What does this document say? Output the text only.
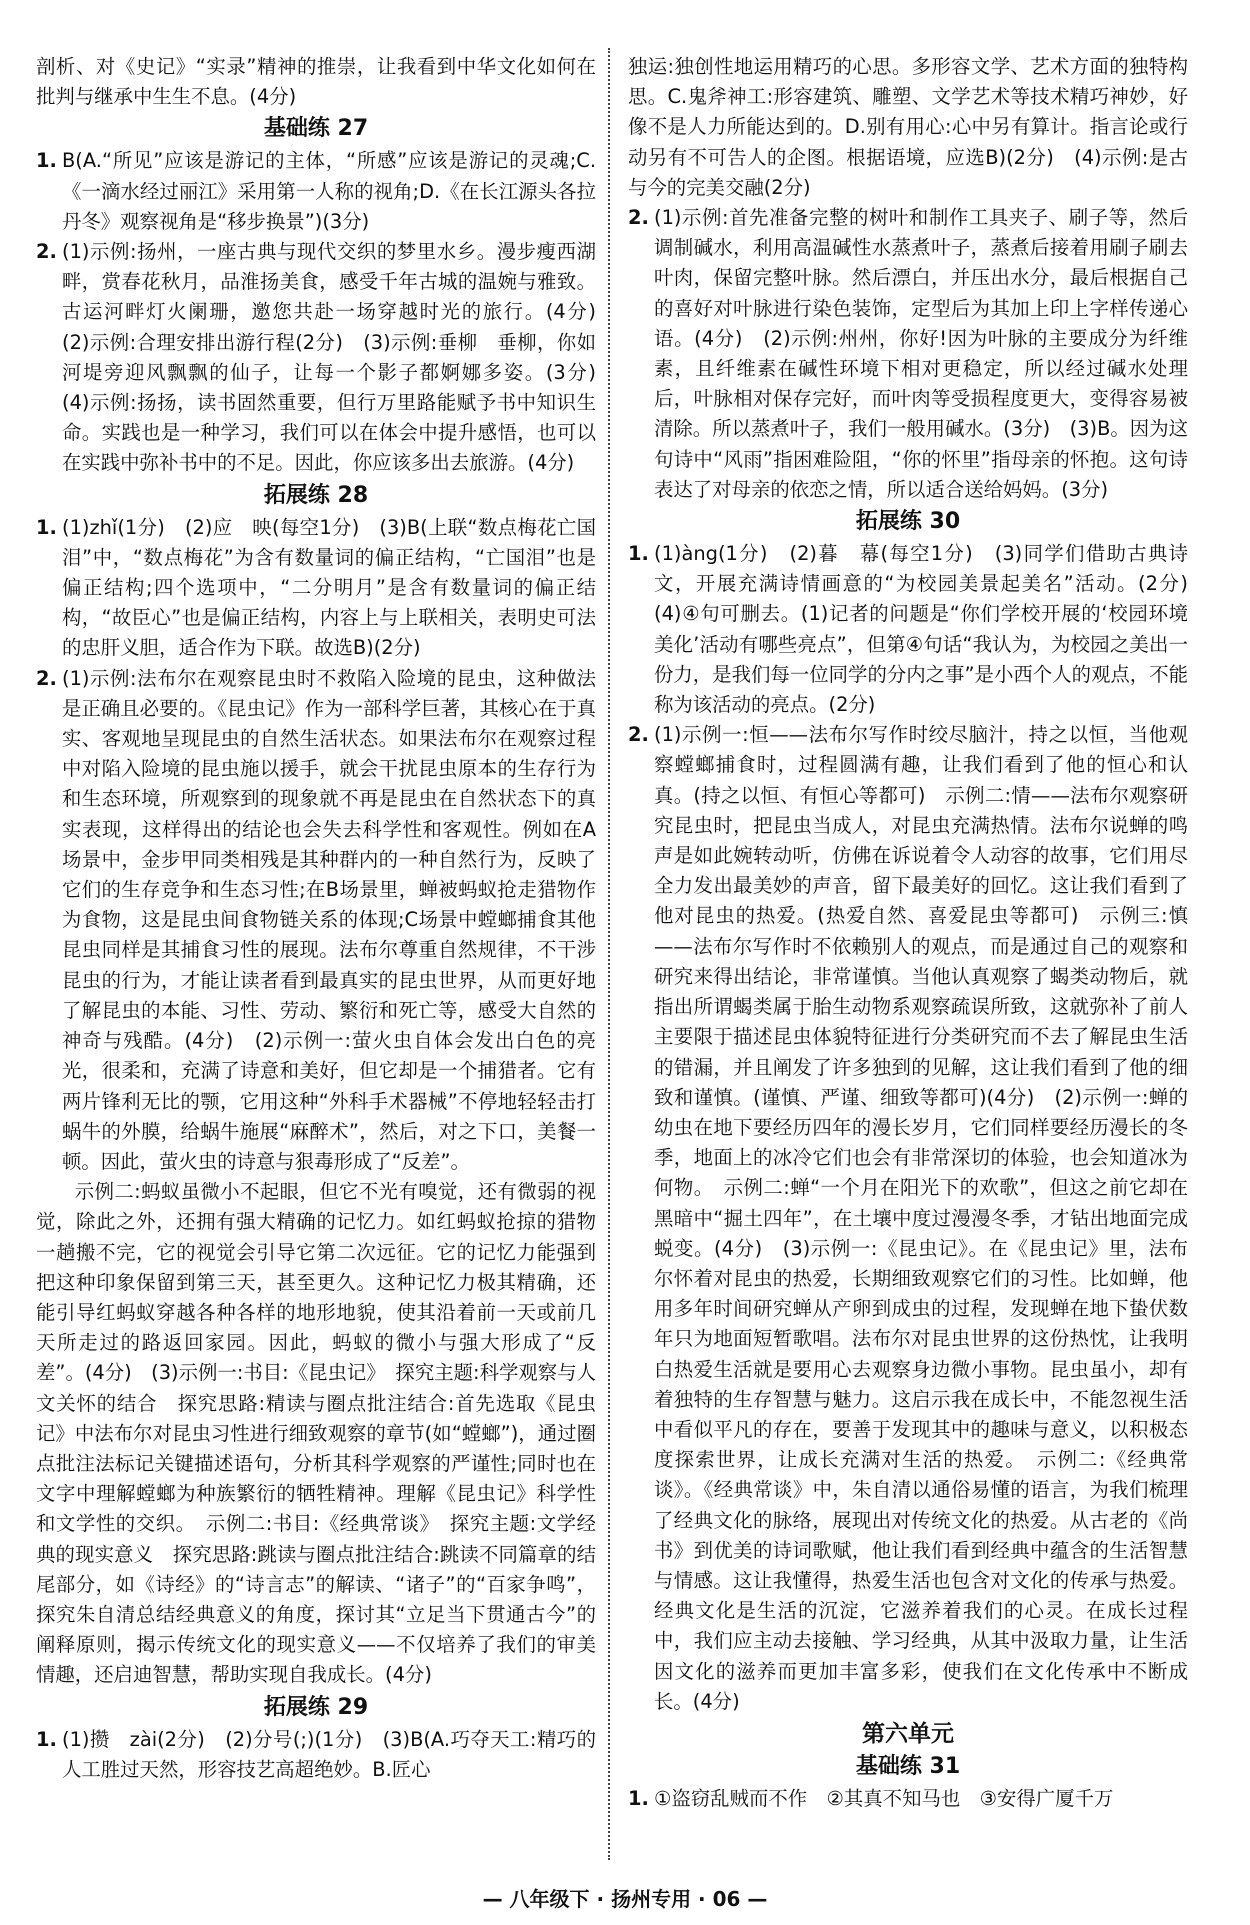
剖析、对《史记》“实录”精神的推崇，让我看到中华文化如何在批判与继承中生生不息。(4分)

基础练 27
1. B(A.“所见”应该是游记的主体，“所感”应该是游记的灵魂;C.《一滴水经过丽江》采用第一人称的视角;D.《在长江源头各拉丹冬》观察视角是“移步换景”)(3分)
2. (1)示例:扬州，一座古典与现代交织的梦里水乡。漫步瘦西湖畔，赏春花秋月，品淮扬美食，感受千年古城的温婉与雅致。古运河畔灯火阑珊，邀您共赴一场穿越时光的旅行。(4分)　(2)示例:合理安排出游行程(2分)　(3)示例:垂柳　垂柳，你如河堤旁迎风飘飘的仙子，让每一个影子都婀娜多姿。(3分)　(4)示例:扬扬，读书固然重要，但行万里路能赋予书中知识生命。实践也是一种学习，我们可以在体会中提升感悟，也可以在实践中弥补书中的不足。因此，你应该多出去旅游。(4分)
拓展练 28
1. (1)zhǐ(1分)　(2)应　映(每空1分)　(3)B(上联“数点梅花亡国泪”中，“数点梅花”为含有数量词的偏正结构，“亡国泪”也是偏正结构;四个选项中，“二分明月”是含有数量词的偏正结构，“故臣心”也是偏正结构，内容上与上联相关，表明史可法的忠肝义胆，适合作为下联。故选B)(2分)
2. (1)示例:法布尔在观察昆虫时不救陷入险境的昆虫，这种做法是正确且必要的。《昆虫记》作为一部科学巨著，其核心在于真实、客观地呈现昆虫的自然生活状态。如果法布尔在观察过程中对陷入险境的昆虫施以援手，就会干扰昆虫原本的生存行为和生态环境，所观察到的现象就不再是昆虫在自然状态下的真实表现，这样得出的结论也会失去科学性和客观性。例如在A场景中，金步甲同类相残是其种群内的一种自然行为，反映了它们的生存竞争和生态习性;在B场景里，蝉被蚂蚁抢走猎物作为食物，这是昆虫间食物链关系的体现;C场景中螳螂捕食其他昆虫同样是其捕食习性的展现。法布尔尊重自然规律，不干涉昆虫的行为，才能让读者看到最真实的昆虫世界，从而更好地了解昆虫的本能、习性、劳动、繁衍和死亡等，感受大自然的神奇与残酷。(4分)　(2)示例一:萤火虫自体会发出白色的亮光，很柔和，充满了诗意和美好，但它却是一个捕猎者。它有两片锋利无比的颚，它用这种“外科手术器械”不停地轻轻击打蜗牛的外膜，给蜗牛施展“麻醉术”，然后，对之下口，美餐一顿。因此，萤火虫的诗意与狠毒形成了“反差”。

示例二:蚂蚁虽微小不起眼，但它不光有嗅觉，还有微弱的视觉，除此之外，还拥有强大精确的记忆力。如红蚂蚁抢掠的猎物一趟搬不完，它的视觉会引导它第二次远征。它的记忆力能强到把这种印象保留到第三天，甚至更久。这种记忆力极其精确，还能引导红蚂蚁穿越各种各样的地形地貌，使其沿着前一天或前几天所走过的路返回家园。因此，蚂蚁的微小与强大形成了“反差”。(4分)　(3)示例一:书目:《昆虫记》　探究主题:科学观察与人文关怀的结合　探究思路:精读与圈点批注结合:首先选取《昆虫记》中法布尔对昆虫习性进行细致观察的章节(如“螳螂”)，通过圈点批注法标记关键描述语句，分析其科学观察的严谨性;同时也在文字中理解螳螂为种族繁衍的牺牲精神。理解《昆虫记》科学性和文学性的交织。　示例二:书目:《经典常谈》　探究主题:文学经典的现实意义　探究思路:跳读与圈点批注结合:跳读不同篇章的结尾部分，如《诗经》的“诗言志”的解读、“诸子”的“百家争鸣”，探究朱自清总结经典意义的角度，探讨其“立足当下贯通古今”的阐释原则，揭示传统文化的现实意义——不仅培养了我们的审美情趣，还启迪智慧，帮助实现自我成长。(4分)

拓展练 29
1. (1)攒　zài(2分)　(2)分号(;)(1分)　(3)B(A.巧夺天工:精巧的人工胜过天然，形容技艺高超绝妙。B.匠心

独运:独创性地运用精巧的心思。多形容文学、艺术方面的独特构思。C.鬼斧神工:形容建筑、雕塑、文学艺术等技术精巧神妙，好像不是人力所能达到的。D.别有用心:心中另有算计。指言论或行动另有不可告人的企图。根据语境，应选B)(2分)　(4)示例:是古与今的完美交融(2分)

2. (1)示例:首先准备完整的树叶和制作工具夹子、刷子等，然后调制碱水，利用高温碱性水蒸煮叶子，蒸煮后接着用刷子刷去叶肉，保留完整叶脉。然后漂白，并压出水分，最后根据自己的喜好对叶脉进行染色装饰，定型后为其加上印上字样传递心语。(4分)　(2)示例:州州，你好!因为叶脉的主要成分为纤维素，且纤维素在碱性环境下相对更稳定，所以经过碱水处理后，叶脉相对保存完好，而叶肉等受损程度更大，变得容易被清除。所以蒸煮叶子，我们一般用碱水。(3分)　(3)B。因为这句诗中“风雨”指困难险阻，“你的怀里”指母亲的怀抱。这句诗表达了对母亲的依恋之情，所以适合送给妈妈。(3分)
拓展练 30
1. (1)àng(1分)　(2)暮　幕(每空1分)　(3)同学们借助古典诗文，开展充满诗情画意的“为校园美景起美名”活动。(2分)　(4)④句可删去。(1)记者的问题是“你们学校开展的‘校园环境美化’活动有哪些亮点”，但第④句话“我认为，为校园之美出一份力，是我们每一位同学的分内之事”是小西个人的观点，不能称为该活动的亮点。(2分)
2. (1)示例一:恒——法布尔写作时绞尽脑汁，持之以恒，当他观察螳螂捕食时，过程圆满有趣，让我们看到了他的恒心和认真。(持之以恒、有恒心等都可)　示例二:情——法布尔观察研究昆虫时，把昆虫当成人，对昆虫充满热情。法布尔说蝉的鸣声是如此婉转动听，仿佛在诉说着令人动容的故事，它们用尽全力发出最美妙的声音，留下最美好的回忆。这让我们看到了他对昆虫的热爱。(热爱自然、喜爱昆虫等都可)　示例三:慎——法布尔写作时不依赖别人的观点，而是通过自己的观察和研究来得出结论，非常谨慎。当他认真观察了蝎类动物后，就指出所谓蝎类属于胎生动物系观察疏误所致，这就弥补了前人主要限于描述昆虫体貌特征进行分类研究而不去了解昆虫生活的错漏，并且阐发了许多独到的见解，这让我们看到了他的细致和谨慎。(谨慎、严谨、细致等都可)(4分)　(2)示例一:蝉的幼虫在地下要经历四年的漫长岁月，它们同样要经历漫长的冬季，地面上的冰冷它们也会有非常深切的体验，也会知道冰为何物。　示例二:蝉“一个月在阳光下的欢歌”，但这之前它却在黑暗中“掘土四年”，在土壤中度过漫漫冬季，才钻出地面完成蜕变。(4分)　(3)示例一:《昆虫记》。在《昆虫记》里，法布尔怀着对昆虫的热爱，长期细致观察它们的习性。比如蝉，他用多年时间研究蝉从产卵到成虫的过程，发现蝉在地下蛰伏数年只为地面短暂歌唱。法布尔对昆虫世界的这份热忱，让我明白热爱生活就是要用心去观察身边微小事物。昆虫虽小，却有着独特的生存智慧与魅力。这启示我在成长中，不能忽视生活中看似平凡的存在，要善于发现其中的趣味与意义，以积极态度探索世界，让成长充满对生活的热爱。　示例二:《经典常谈》。《经典常谈》中，朱自清以通俗易懂的语言，为我们梳理了经典文化的脉络，展现出对传统文化的热爱。从古老的《尚书》到优美的诗词歌赋，他让我们看到经典中蕴含的生活智慧与情感。这让我懂得，热爱生活也包含对文化的传承与热爱。经典文化是生活的沉淀，它滋养着我们的心灵。在成长过程中，我们应主动去接触、学习经典，从其中汲取力量，让生活因文化的滋养而更加丰富多彩，使我们在文化传承中不断成长。(4分)
第六单元
基础练 31
1. ①盗窃乱贼而不作　②其真不知马也　③安得广厦千万
— 八年级下 · 扬州专用 · 06 —
